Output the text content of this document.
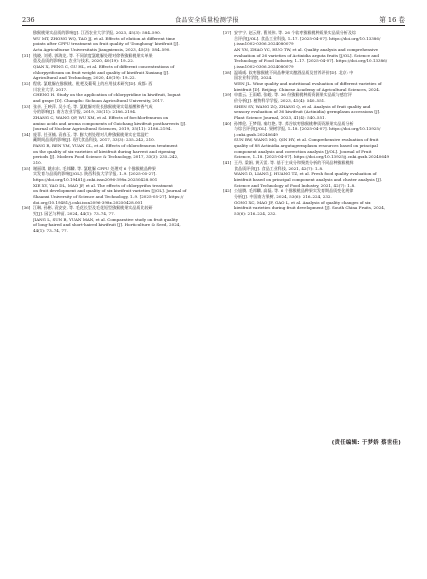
236	食品安全质量检测学报	第 16 卷
猕猴桃果实品质的影响[J]. 江西农业大学学报, 2023, 45(3): 584–590.
WU MT, ZHONG WQ, TAO JJ, et al. Effects of elution at different time
points after CPPU treatment on fruit quality of 'Donghong' kiwifruit [J].
Acta Agriculturae Universitatis Jiangxiensis, 2023, 45(3): 584–590.
[31] 钱晓, 刘勇, 郭海龙, 等. 不同浓度氯吡脲处理对徐香猕猴桃果实单果
重及品质的影响[J]. 农业与技术, 2020, 40(19): 19–22.
QIAN X, PENG C, GU HL, et al. Effects of different concentrations of
chlorpyrifosum on fruit weight and quality of kiwifruit Xuxiang [J].
Agricultural and Technology, 2020, 40(19): 19–22.
[32] 程欣. 氯吡脲在猕猴桃、枇杷及葡萄上的应用技术研究[D]. 成都: 西
川农业大学, 2017.
CHENG H. Study on the application of chlorpyridine in kiwifruit, loquat
and grape [D]. Changdu: Sichuan Agricultural University, 2017.
[33] 张亲, 王映萍, 吴小毛, 等. 氯吡脲对贵长猕猴桃果实氨基酸和香气成
分的影响[J]. 南方农业学报, 2019, 35(11): 2186–2194.
ZHANG C, WANG QP, WU XM, et al. Effects of forchlorfenuron on
amino acids and aroma components of Guichang kiwifruit postharvests [J].
Journal of Nuclear Agricultural Sciences, 2019, 35(11): 2186–2194.
[34] 庞菲, 任亚楠, 袁春玉, 等. 膨大剂处理对几种猕猴桃果实在常温贮
藏期间品质的影响[J]. 现代食品科技, 2017, 33(3): 235–242, 210.
PANG R, REN YM, YUAN CL, et al. Effects of chlorofenuron treatment
on the quality of six varieties of kiwifruit during harvest and ripening
periods [J]. Modern Food Science & Technology, 2017, 33(3): 235–242,
210.
[35] 谢丽琪, 姚东东, 毛邦麟, 等. 氯吡脲 CPPU 处理对 6 个猕猴桃品种果
实发育与品质的影响[J/OL]. 陕西科技大学学报, 1–9. [2025-05-27].
https://doi.org/10.19481/j.cnki.issn2096-398x.20250428.001
XIE XY, YAO DL, MAO JF, et al. The effects of chlorpyrifos treatment
on fruit development and quality of six kiwifruit varieties [J/OL]. Journal of
Shaanxi University of Science and Technology, 1–9. [2025-05-27]. https://
doi.org/10.19481/j.cnki.issn2096-398x.20250428.001
[36] 江琳, 孙彬, 袁安安, 等. 毛花长型及毛花短型猕猴桃果实品质比较研
究[J]. 园艺与种苗, 2024, 44(1): 73–74, 77.
JIANG L, SUN B, YUAN MAN, et al. Comparative study on fruit quality
of long-haired and short-haired kiwifruit [J]. Horticulture & Seed, 2024,
44(1): 73–74, 77.
[37] 安宇宁, 赵云财, 曹茂伟, 等. 26 个软枣猕猴桃种质果实品质分析及综
合评价[J/OL]. 食品工业科技, 1–17. [2025-04-07]. https://doi.org/10.13386/
j.issn1002-0306.2024080079
AN YN, ZHAO YC, HUO TW, et al. Quality analysis and comprehensive
evaluation of 26 varieties of Actinidia arguta fruits [J/OL]. Science and
Technology of Food Industry, 1–17. [2025-04-07]. https://doi.org/10.13386/
j.issn1002-0306.2024080079
[38] 温靖威. 软枣猕猴桃不同品种果实酿酒品质及营养评价[D]. 北京: 中
国农业科学院, 2024.
WEN JL. Wine quality and nutritional evaluation of different varieties of
kiwifruit [D]. Beijing: Chinese Academy of Agricultural Sciences, 2024.
[39] 申童云, 王雨晴, 张峻, 等. 36 份猕猴桃种质资源果实品质与感官评
价分析[J]. 植物科学学报, 2023, 41(4): 540–551.
SHEN SY, WANG ZQ, ZHANG Q, et al. Analysis of fruit quality and
sensory evaluation of 36 kiwifruit (Actinidia) germplasm accessions [J].
Plant Science Journal, 2023, 41(4): 540–551.
[40] 孙博伦, 王梦翔, 秦红艳, 等. 荞谷软枣猕猴桃种质资源果实品质分析
与综合评价[J/OL]. 果树学报, 1–18. [2025-04-07]. https://doi.org/10.13925/
j.cnki.gsxb.20240649
SUN BW, WANG MQ, QIN HY, et al. Comprehensive evaluation of fruit
quality of 88 Actinidia argutagermplasm resources based on principal
component analysis and correction analysis [J/OL]. Journal of Fruit
Science, 1–18. [2025-04-07]. https://doi.org/10.13925/j.cnki.gsxb.20240649
[41] 王丹, 梁娟, 黄天雷, 等. 基于主成分和聚类分析的不同品种猕猴桃鲜
食品质评价[J]. 食品工业科技, 2021, 42(7): 1–8.
WANG D, LIANG J, HUANG TZ, et al. Fresh food quality evaluation of
kiwifruit based on principal component analysis and cluster analysis [J].
Science and Technology of Food Industry, 2021, 42(7): 1–8.
[42] 公旭腾, 毛邦麟, 高磊, 等. 6 个猕猴桃品种果实发育期品质变化规律
分析[J]. 中国南方果树, 2024, 53(6): 216–224, 232.
GONG XC, MAO JF, GAO L, et al. Analysis of quality changes of six
kiwifruit varieties during fruit development [J]. South China Fruits, 2024,
53(6): 216–224, 232.
(责任编辑: 于梦娇 蔡世佳)
